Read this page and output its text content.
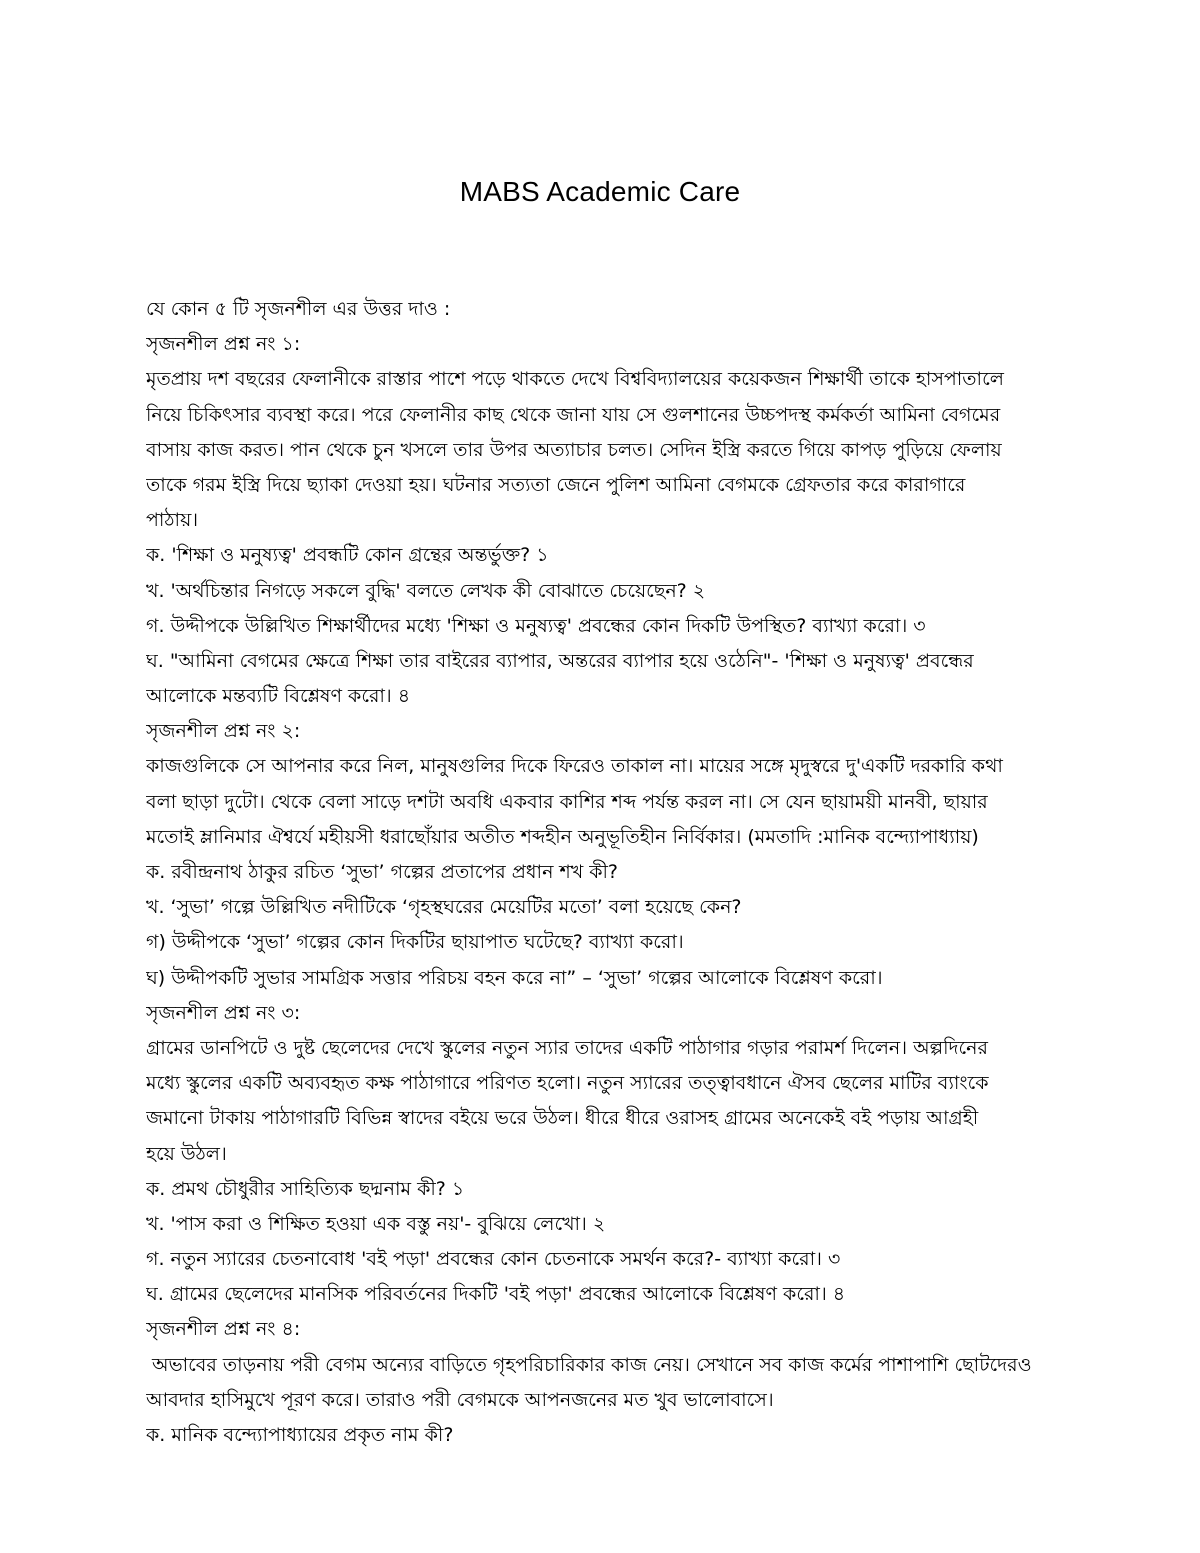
MABS Academic Care
যে কোন ৫ টি সৃজনশীল এর উত্তর দাও :
সৃজনশীল প্রশ্ন নং ১:
মৃতপ্রায় দশ বছরের ফেলানীকে রাস্তার পাশে পড়ে থাকতে দেখে বিশ্ববিদ্যালয়ের কয়েকজন শিক্ষার্থী তাকে হাসপাতালে
নিয়ে চিকিৎসার ব্যবস্থা করে। পরে ফেলানীর কাছ থেকে জানা যায় সে গুলশানের উচ্চপদস্থ কর্মকর্তা আমিনা বেগমের
বাসায় কাজ করত। পান থেকে চুন খসলে তার উপর অত্যাচার চলত। সেদিন ইস্ত্রি করতে গিয়ে কাপড় পুড়িয়ে ফেলায়
তাকে গরম ইস্ত্রি দিয়ে ছ্যাকা দেওয়া হয়। ঘটনার সত্যতা জেনে পুলিশ আমিনা বেগমকে গ্রেফতার করে কারাগারে
পাঠায়।
ক. 'শিক্ষা ও মনুষ্যত্ব' প্রবন্ধটি কোন গ্রন্থের অন্তর্ভুক্ত? ১
খ. 'অর্থচিন্তার নিগড়ে সকলে বুদ্ধি' বলতে লেখক কী বোঝাতে চেয়েছেন? ২
গ. উদ্দীপকে উল্লিখিত শিক্ষার্থীদের মধ্যে 'শিক্ষা ও মনুষ্যত্ব' প্রবন্ধের কোন দিকটি উপস্থিত? ব্যাখ্যা করো। ৩
ঘ. "আমিনা বেগমের ক্ষেত্রে শিক্ষা তার বাইরের ব্যাপার, অন্তরের ব্যাপার হয়ে ওঠেনি"- 'শিক্ষা ও মনুষ্যত্ব' প্রবন্ধের
আলোকে মন্তব্যটি বিশ্লেষণ করো। ৪
সৃজনশীল প্রশ্ন নং ২:
কাজগুলিকে সে আপনার করে নিল, মানুষগুলির দিকে ফিরেও তাকাল না। মায়ের সঙ্গে মৃদুস্বরে দু'একটি দরকারি কথা
বলা ছাড়া দুটো। থেকে বেলা সাড়ে দশটা অবধি একবার কাশির শব্দ পর্যন্ত করল না। সে যেন ছায়াময়ী মানবী, ছায়ার
মতোই ম্লানিমার ঐশ্বর্যে মহীয়সী ধরাছোঁয়ার অতীত শব্দহীন অনুভূতিহীন নির্বিকার। (মমতাদি :মানিক বন্দ্যোপাধ্যায়)
ক. রবীন্দ্রনাথ ঠাকুর রচিত ‘সুভা’ গল্পের প্রতাপের প্রধান শখ কী?
খ. ‘সুভা’ গল্পে উল্লিখিত নদীটিকে ‘গৃহস্থঘরের মেয়েটির মতো’ বলা হয়েছে কেন?
গ) উদ্দীপকে ‘সুভা’ গল্পের কোন দিকটির ছায়াপাত ঘটেছে? ব্যাখ্যা করো।
ঘ) উদ্দীপকটি সুভার সামগ্রিক সত্তার পরিচয় বহন করে না” – ‘সুভা’ গল্পের আলোকে বিশ্লেষণ করো।
সৃজনশীল প্রশ্ন নং ৩:
গ্রামের ডানপিটে ও দুষ্ট ছেলেদের দেখে স্কুলের নতুন স্যার তাদের একটি পাঠাগার গড়ার পরামর্শ দিলেন। অল্পদিনের
মধ্যে স্কুলের একটি অব্যবহৃত কক্ষ পাঠাগারে পরিণত হলো। নতুন স্যারের তত্ত্বাবধানে ঐসব ছেলের মাটির ব্যাংকে
জমানো টাকায় পাঠাগারটি বিভিন্ন স্বাদের বইয়ে ভরে উঠল। ধীরে ধীরে ওরাসহ গ্রামের অনেকেই বই পড়ায় আগ্রহী
হয়ে উঠল।
ক. প্রমথ চৌধুরীর সাহিত্যিক ছদ্মনাম কী? ১
খ. 'পাস করা ও শিক্ষিত হওয়া এক বস্তু নয়'- বুঝিয়ে লেখো। ২
গ. নতুন স্যারের চেতনাবোধ 'বই পড়া' প্রবন্ধের কোন চেতনাকে সমর্থন করে?- ব্যাখ্যা করো। ৩
ঘ. গ্রামের ছেলেদের মানসিক পরিবর্তনের দিকটি 'বই পড়া' প্রবন্ধের আলোকে বিশ্লেষণ করো। ৪
সৃজনশীল প্রশ্ন নং ৪:
অভাবের তাড়নায় পরী বেগম অন্যের বাড়িতে গৃহপরিচারিকার কাজ নেয়। সেখানে সব কাজ কর্মের পাশাপাশি ছোটদেরও
আবদার হাসিমুখে পূরণ করে। তারাও পরী বেগমকে আপনজনের মত খুব ভালোবাসে।
ক. মানিক বন্দ্যোপাধ্যায়ের প্রকৃত নাম কী?
